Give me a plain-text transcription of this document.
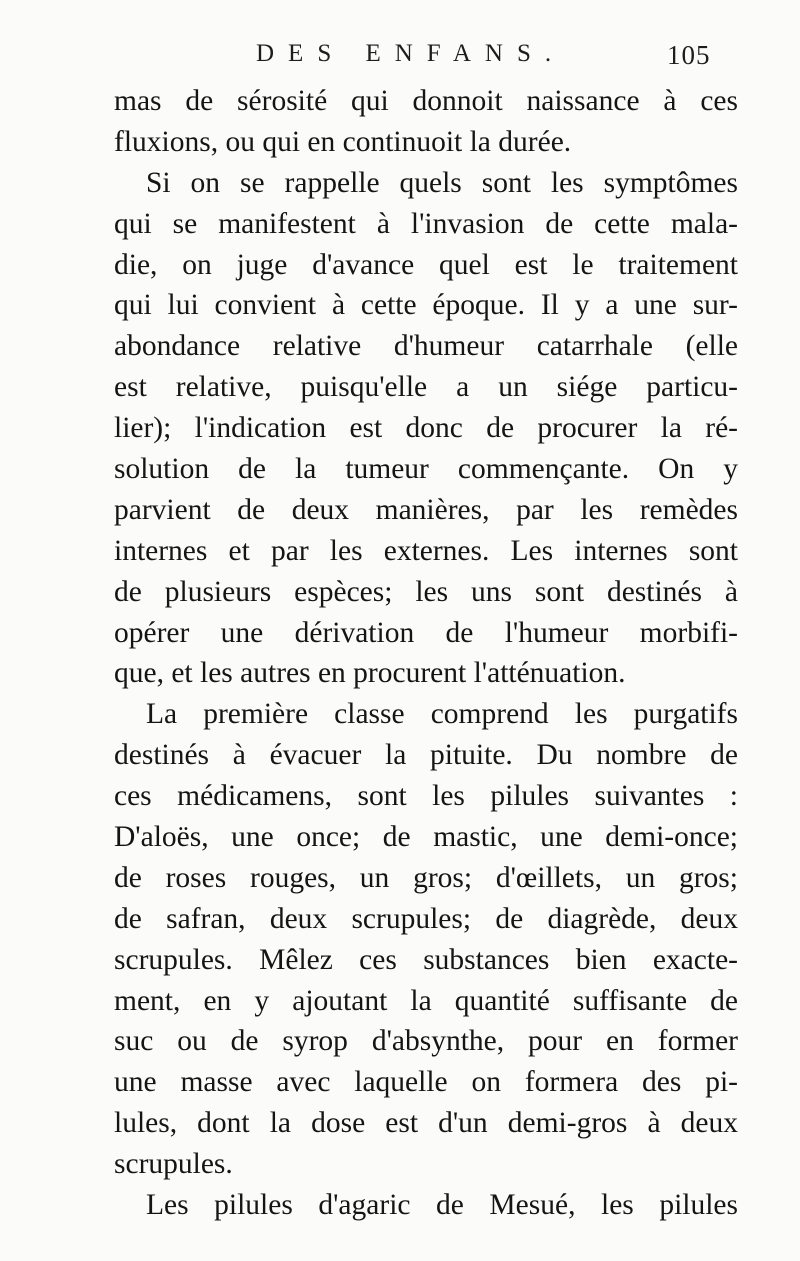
DES ENFANS.	105
mas de sérosité qui donnoit naissance à ces
fluxions, ou qui en continuoit la durée.
Si on se rappelle quels sont les symptômes
qui se manifestent à l'invasion de cette mala-
die, on juge d'avance quel est le traitement
qui lui convient à cette époque. Il y a une sur-
abondance relative d'humeur catarrhale (elle
est relative, puisqu'elle a un siége particu-
lier); l'indication est donc de procurer la ré-
solution de la tumeur commençante. On y
parvient de deux manières, par les remèdes
internes et par les externes. Les internes sont
de plusieurs espèces; les uns sont destinés à
opérer une dérivation de l'humeur morbifi-
que, et les autres en procurent l'atténuation.
La première classe comprend les purgatifs
destinés à évacuer la pituite. Du nombre de
ces médicamens, sont les pilules suivantes :
D'aloës, une once; de mastic, une demi-once;
de roses rouges, un gros; d'œillets, un gros;
de safran, deux scrupules; de diagrède, deux
scrupules. Mêlez ces substances bien exacte-
ment, en y ajoutant la quantité suffisante de
suc ou de syrop d'absynthe, pour en former
une masse avec laquelle on formera des pi-
lules, dont la dose est d'un demi-gros à deux
scrupules.
Les pilules d'agaric de Mesué, les pilules
